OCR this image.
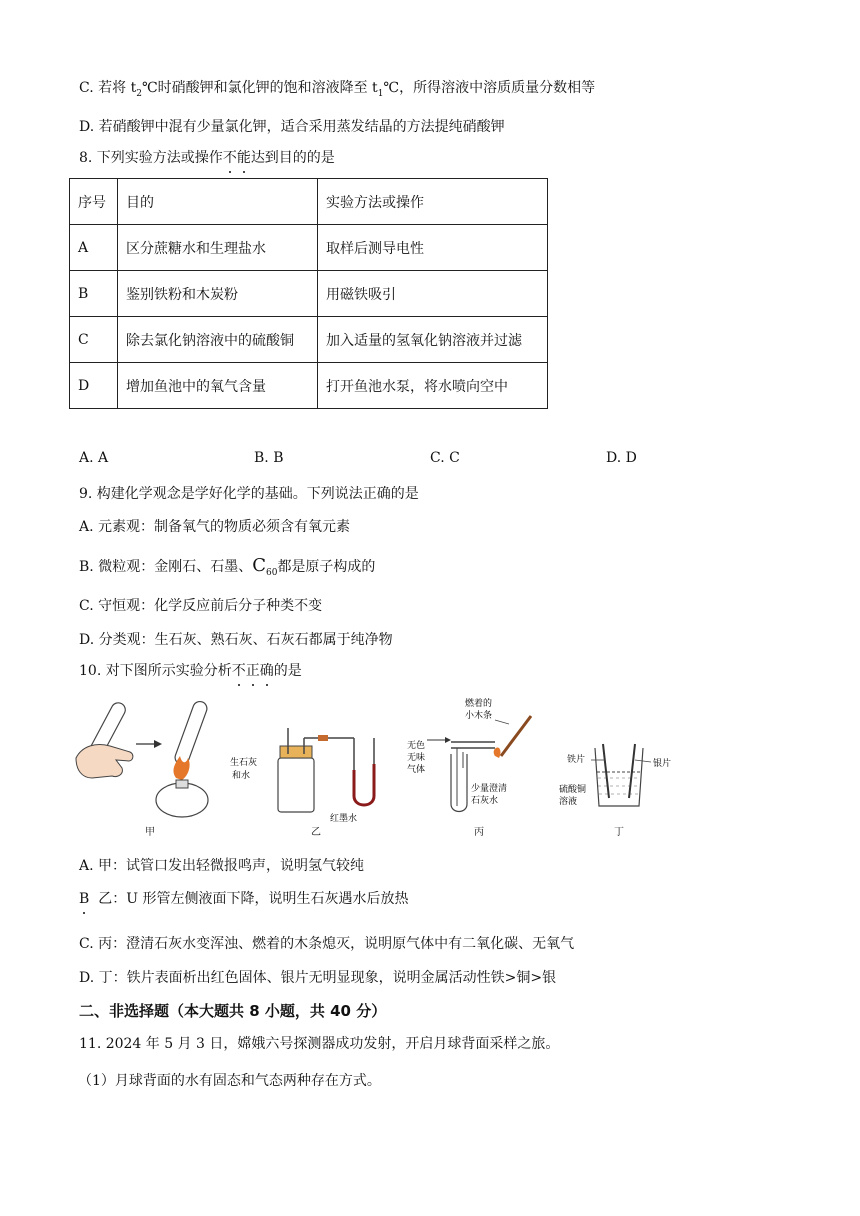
C. 若将 $t_2℃$时硝酸钾和氯化钾的饱和溶液降至 $t_1℃$，所得溶液中溶质质量分数相等
D. 若硝酸钾中混有少量氯化钾，适合采用蒸发结晶的方法提纯硝酸钾
8. 下列实验方法或操作不能达到目的的是
序号	目的	实验方法或操作
A	区分蔗糖水和生理盐水	取样后测导电性
B	鉴别铁粉和木炭粉	用磁铁吸引
C	除去氯化钠溶液中的硫酸铜	加入适量的氢氧化钠溶液并过滤
D	增加鱼池中的氧气含量	打开鱼池水泵，将水喷向空中
A. A	B. B	C. C	D. D
9. 构建化学观念是学好化学的基础。下列说法正确的是
A. 元素观：制备氧气的物质必须含有氧元素
B. 微粒观：金刚石、石墨、$C_{60}$都是原子构成的
C. 守恒观：化学反应前后分子种类不变
D. 分类观：生石灰、熟石灰、石灰石都属于纯净物
10. 对下图所示实验分析不正确的是
生石灰
和水
红墨水
燃着的
小木条
无色
无味
气体
少量澄清
石灰水
铁片	银片
硫酸铜
溶液
甲	乙	丙	丁
A. 甲：试管口发出轻微报鸣声，说明氢气较纯
B 乙：U 形管左侧液面下降，说明生石灰遇水后放热
C. 丙：澄清石灰水变浑浊、燃着的木条熄灭，说明原气体中有二氧化碳、无氧气
D. 丁：铁片表面析出红色固体、银片无明显现象，说明金属活动性铁>铜>银
二、非选择题（本大题共 8 小题，共 40 分）
11. 2024 年 5 月 3 日，嫦娥六号探测器成功发射，开启月球背面采样之旅。
（1）月球背面的水有固态和气态两种存在方式。
